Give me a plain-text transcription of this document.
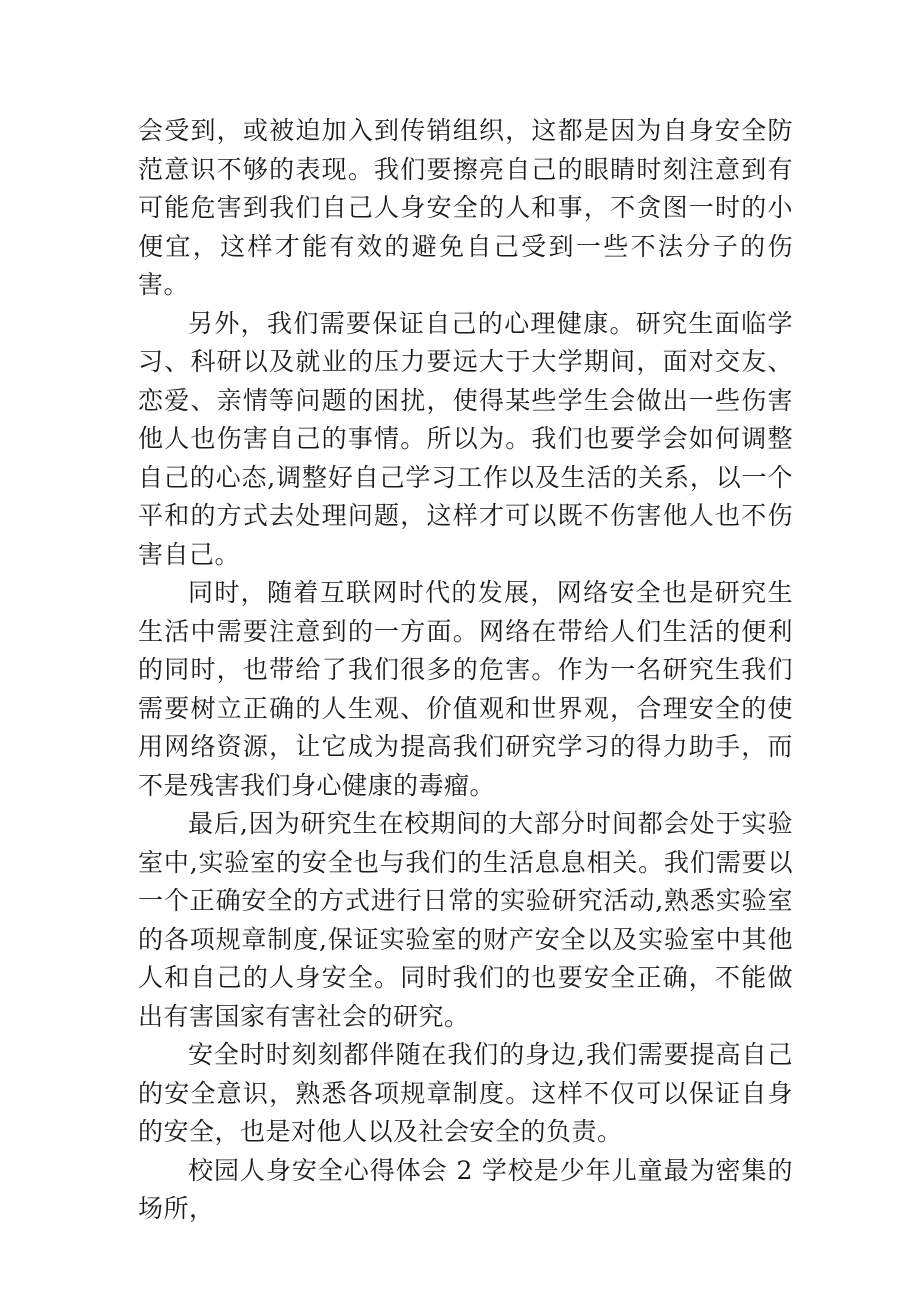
会受到，或被迫加入到传销组织，这都是因为自身安全防范意识不够的表现。我们要擦亮自己的眼睛时刻注意到有可能危害到我们自己人身安全的人和事，不贪图一时的小便宜，这样才能有效的避免自己受到一些不法分子的伤害。

另外，我们需要保证自己的心理健康。研究生面临学习、科研以及就业的压力要远大于大学期间，面对交友、恋爱、亲情等问题的困扰，使得某些学生会做出一些伤害他人也伤害自己的事情。所以为。我们也要学会如何调整自己的心态,调整好自己学习工作以及生活的关系，以一个平和的方式去处理问题，这样才可以既不伤害他人也不伤害自己。

同时，随着互联网时代的发展，网络安全也是研究生生活中需要注意到的一方面。网络在带给人们生活的便利的同时，也带给了我们很多的危害。作为一名研究生我们需要树立正确的人生观、价值观和世界观，合理安全的使用网络资源，让它成为提高我们研究学习的得力助手，而不是残害我们身心健康的毒瘤。

最后,因为研究生在校期间的大部分时间都会处于实验室中,实验室的安全也与我们的生活息息相关。我们需要以一个正确安全的方式进行日常的实验研究活动,熟悉实验室的各项规章制度,保证实验室的财产安全以及实验室中其他人和自己的人身安全。同时我们的也要安全正确，不能做出有害国家有害社会的研究。

安全时时刻刻都伴随在我们的身边,我们需要提高自己的安全意识，熟悉各项规章制度。这样不仅可以保证自身的安全，也是对他人以及社会安全的负责。

校园人身安全心得体会 2 学校是少年儿童最为密集的场所，
